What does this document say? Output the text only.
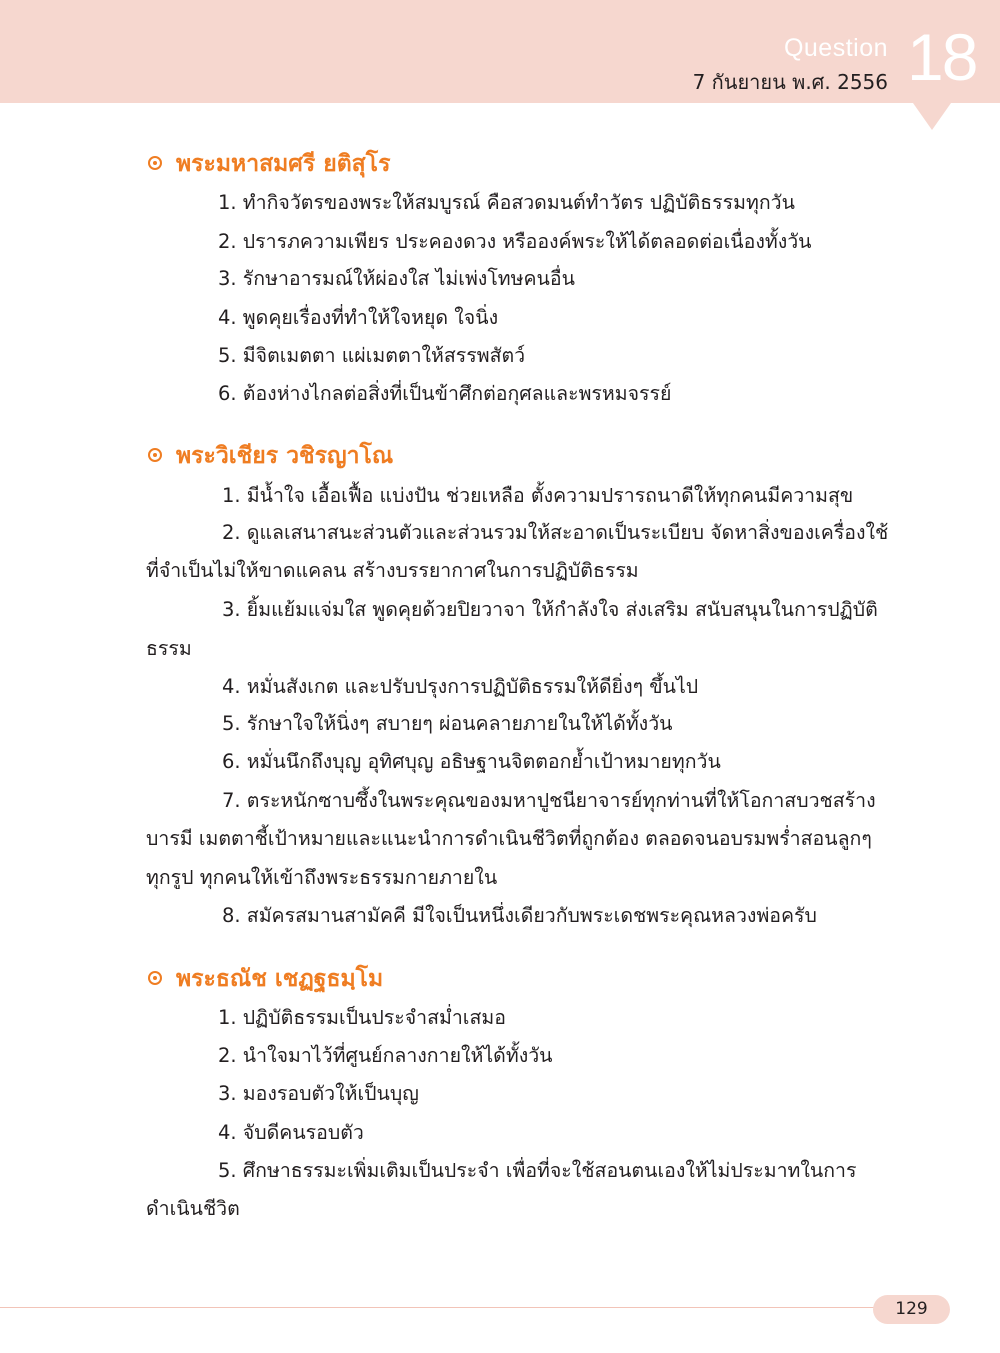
Question
7 กันยายน พ.ศ. 2556 18
พระมหาสมศรี ยติสุโร
1. ทำกิจวัตรของพระให้สมบูรณ์ คือสวดมนต์ทำวัตร ปฏิบัติธรรมทุกวัน
2. ปรารภความเพียร ประคองดวง หรือองค์พระให้ได้ตลอดต่อเนื่องทั้งวัน
3. รักษาอารมณ์ให้ผ่องใส ไม่เพ่งโทษคนอื่น
4. พูดคุยเรื่องที่ทำให้ใจหยุด ใจนิ่ง
5. มีจิตเมตตา แผ่เมตตาให้สรรพสัตว์
6. ต้องห่างไกลต่อสิ่งที่เป็นข้าศึกต่อกุศลและพรหมจรรย์
พระวิเชียร วชิรญาโณ
1. มีน้ำใจ เอื้อเฟื้อ แบ่งปัน ช่วยเหลือ ตั้งความปรารถนาดีให้ทุกคนมีความสุข
2. ดูแลเสนาสนะส่วนตัวและส่วนรวมให้สะอาดเป็นระเบียบ จัดหาสิ่งของเครื่องใช้
ที่จำเป็นไม่ให้ขาดแคลน สร้างบรรยากาศในการปฏิบัติธรรม
3. ยิ้มแย้มแจ่มใส พูดคุยด้วยปิยวาจา ให้กำลังใจ ส่งเสริม สนับสนุนในการปฏิบัติ
ธรรม
4. หมั่นสังเกต และปรับปรุงการปฏิบัติธรรมให้ดียิ่งๆ ขึ้นไป
5. รักษาใจให้นิ่งๆ สบายๆ ผ่อนคลายภายในให้ได้ทั้งวัน
6. หมั่นนึกถึงบุญ อุทิศบุญ อธิษฐานจิตตอกย้ำเป้าหมายทุกวัน
7. ตระหนักซาบซึ้งในพระคุณของมหาปูชนียาจารย์ทุกท่านที่ให้โอกาสบวชสร้าง
บารมี เมตตาชี้เป้าหมายและแนะนำการดำเนินชีวิตที่ถูกต้อง ตลอดจนอบรมพร่ำสอนลูกๆ
ทุกรูป ทุกคนให้เข้าถึงพระธรรมกายภายใน
8. สมัครสมานสามัคคี มีใจเป็นหนึ่งเดียวกับพระเดชพระคุณหลวงพ่อครับ
พระธณัช เชฏฐธมฺโม
1. ปฏิบัติธรรมเป็นประจำสม่ำเสมอ
2. นำใจมาไว้ที่ศูนย์กลางกายให้ได้ทั้งวัน
3. มองรอบตัวให้เป็นบุญ
4. จับดีคนรอบตัว
5. ศึกษาธรรมะเพิ่มเติมเป็นประจำ เพื่อที่จะใช้สอนตนเองให้ไม่ประมาทในการ
ดำเนินชีวิต
129
